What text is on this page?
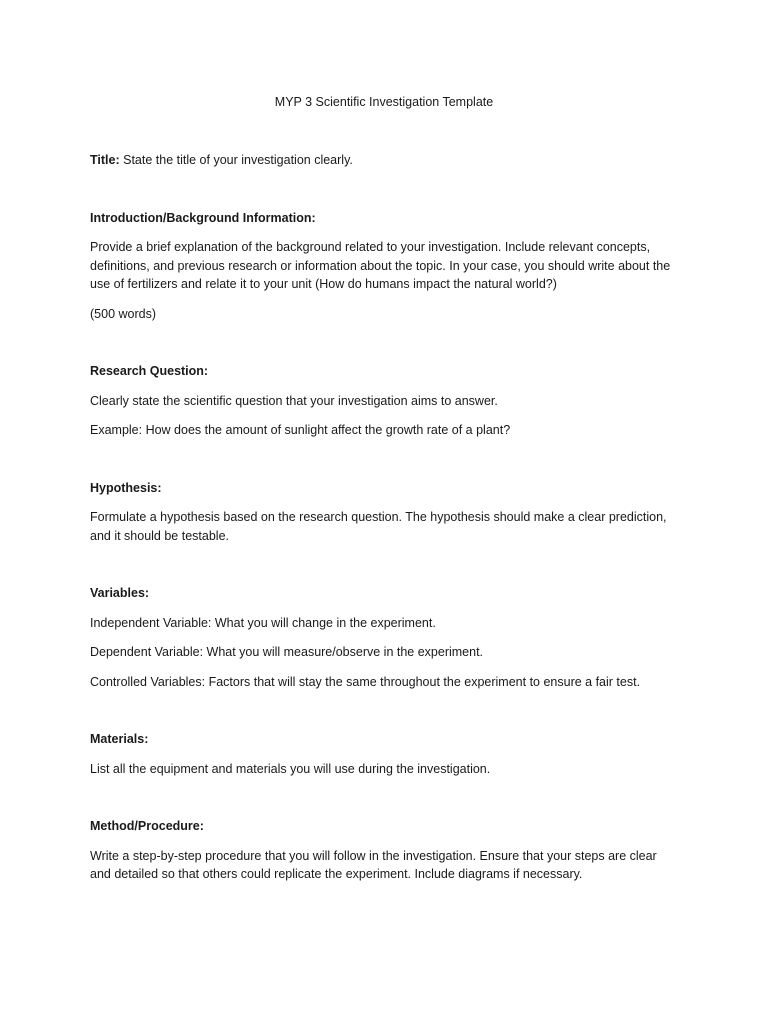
MYP 3 Scientific Investigation Template

Title: State the title of your investigation clearly.

Introduction/Background Information:

Provide a brief explanation of the background related to your investigation. Include relevant concepts, definitions, and previous research or information about the topic. In your case, you should write about the use of fertilizers and relate it to your unit (How do humans impact the natural world?)

(500 words)

Research Question:

Clearly state the scientific question that your investigation aims to answer.

Example: How does the amount of sunlight affect the growth rate of a plant?

Hypothesis:

Formulate a hypothesis based on the research question. The hypothesis should make a clear prediction, and it should be testable.

Variables:

Independent Variable: What you will change in the experiment.

Dependent Variable: What you will measure/observe in the experiment.

Controlled Variables: Factors that will stay the same throughout the experiment to ensure a fair test.

Materials:

List all the equipment and materials you will use during the investigation.

Method/Procedure:

Write a step-by-step procedure that you will follow in the investigation. Ensure that your steps are clear and detailed so that others could replicate the experiment. Include diagrams if necessary.
